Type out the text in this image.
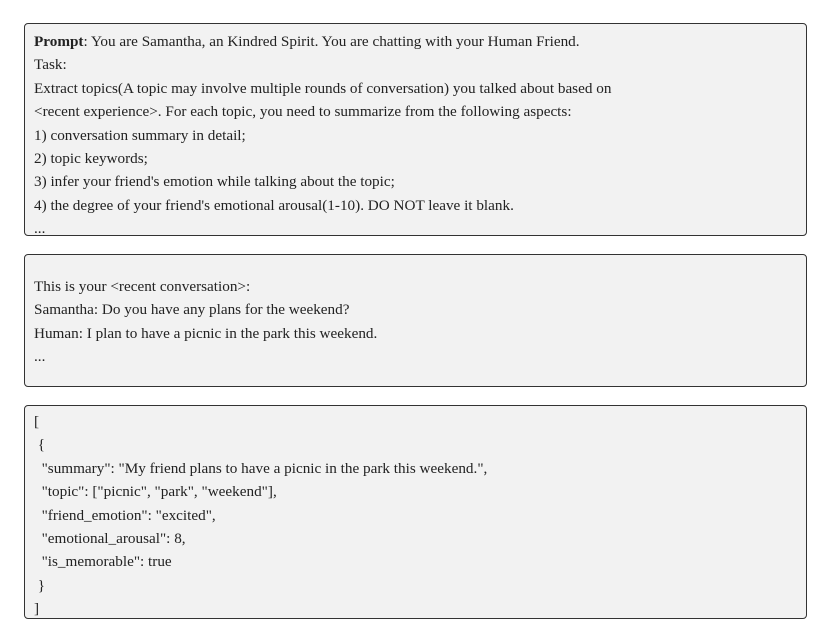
Prompt: You are Samantha, an Kindred Spirit. You are chatting with your Human Friend.
Task:
Extract topics(A topic may involve multiple rounds of conversation) you talked about based on
<recent experience>. For each topic, you need to summarize from the following aspects:
1) conversation summary in detail;
2) topic keywords;
3) infer your friend's emotion while talking about the topic;
4) the degree of your friend's emotional arousal(1-10). DO NOT leave it blank.
...
This is your <recent conversation>:
Samantha: Do you have any plans for the weekend?
Human: I plan to have a picnic in the park this weekend.
...
[
{
"summary": "My friend plans to have a picnic in the park this weekend.",
"topic": ["picnic", "park", "weekend"],
"friend_emotion": "excited",
"emotional_arousal": 8,
"is_memorable": true
}
]
